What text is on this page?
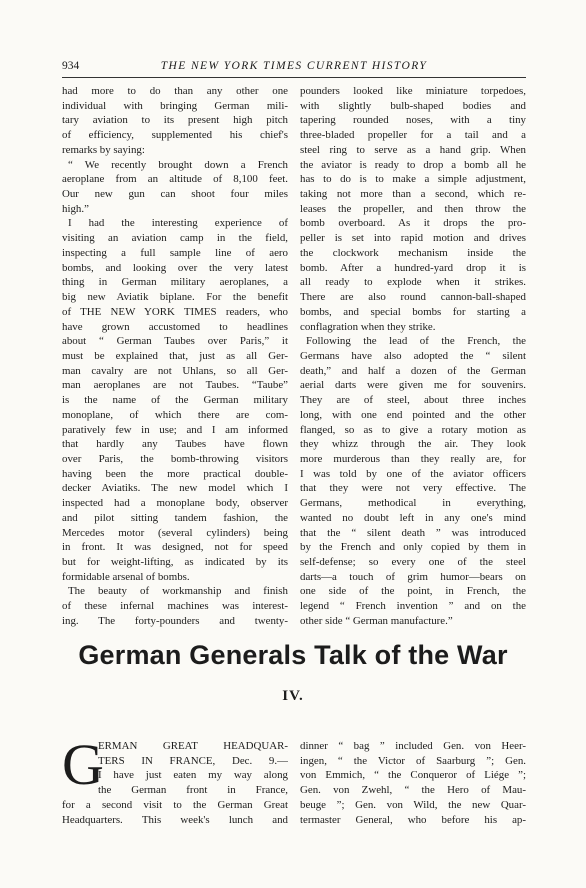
934	THE NEW YORK TIMES CURRENT HISTORY
had more to do than any other one
individual with bringing German mili-
tary aviation to its present high pitch
of efficiency, supplemented his chief's
remarks by saying:
“ We recently brought down a French
aeroplane from an altitude of 8,100 feet.
Our new gun can shoot four miles
high.”
I had the interesting experience of
visiting an aviation camp in the field,
inspecting a full sample line of aero
bombs, and looking over the very latest
thing in German military aeroplanes, a
big new Aviatik biplane. For the benefit
of THE NEW YORK TIMES readers, who
have grown accustomed to headlines
about “ German Taubes over Paris,” it
must be explained that, just as all Ger-
man cavalry are not Uhlans, so all Ger-
man aeroplanes are not Taubes. “Taube”
is the name of the German military
monoplane, of which there are com-
paratively few in use; and I am informed
that hardly any Taubes have flown
over Paris, the bomb-throwing visitors
having been the more practical double-
decker Aviatiks. The new model which I
inspected had a monoplane body, observer
and pilot sitting tandem fashion, the
Mercedes motor (several cylinders) being
in front. It was designed, not for speed
but for weight-lifting, as indicated by its
formidable arsenal of bombs.
The beauty of workmanship and finish
of these infernal machines was interest-
ing. The forty-pounders and twenty-
pounders looked like miniature torpedoes,
with slightly bulb-shaped bodies and
tapering rounded noses, with a tiny
three-bladed propeller for a tail and a
steel ring to serve as a hand grip. When
the aviator is ready to drop a bomb all he
has to do is to make a simple adjustment,
taking not more than a second, which re-
leases the propeller, and then throw the
bomb overboard. As it drops the pro-
peller is set into rapid motion and drives
the clockwork mechanism inside the
bomb. After a hundred-yard drop it is
all ready to explode when it strikes.
There are also round cannon-ball-shaped
bombs, and special bombs for starting a
conflagration when they strike.
Following the lead of the French, the
Germans have also adopted the “ silent
death,” and half a dozen of the German
aerial darts were given me for souvenirs.
They are of steel, about three inches
long, with one end pointed and the other
flanged, so as to give a rotary motion as
they whizz through the air. They look
more murderous than they really are, for
I was told by one of the aviator officers
that they were not very effective. The
Germans, methodical in everything,
wanted no doubt left in any one's mind
that the “ silent death ” was introduced
by the French and only copied by them in
self-defense; so every one of the steel
darts—a touch of grim humor—bears on
one side of the point, in French, the
legend “ French invention ” and on the
other side “ German manufacture.”
German Generals Talk of the War
IV.
G
ERMAN GREAT HEADQUAR-
TERS IN FRANCE, Dec. 9.—
I have just eaten my way along
the German front in France,
for a second visit to the German Great
Headquarters. This week's lunch and
dinner “ bag ” included Gen. von Heer-
ingen, “ the Victor of Saarburg ”; Gen.
von Emmich, “ the Conqueror of Liége ”;
Gen. von Zwehl, “ the Hero of Mau-
beuge ”; Gen. von Wild, the new Quar-
termaster General, who before his ap-
